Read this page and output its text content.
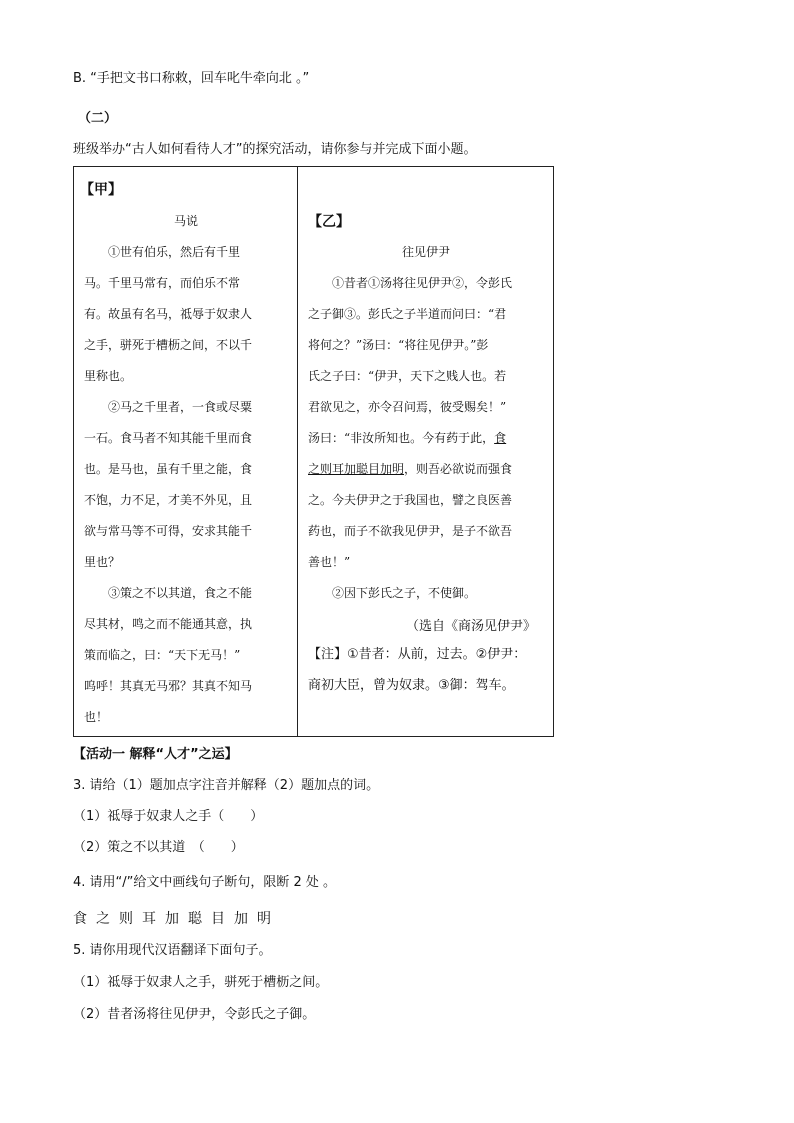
B. “手把文书口称敕，回车叱牛牵向北 。”
（二）
班级举办“古人如何看待人才”的探究活动，请你参与并完成下面小题。
【甲】
马说
①世有伯乐，然后有千里
马。千里马常有，而伯乐不常
有。故虽有名马，祗辱于奴隶人
之手，骈死于槽枥之间，不以千
里称也。
②马之千里者，一食或尽粟
一石。食马者不知其能千里而食
也。是马也，虽有千里之能，食
不饱，力不足，才美不外见，且
欲与常马等不可得，安求其能千
里也？
③策之不以其道，食之不能
尽其材，鸣之而不能通其意，执
策而临之，曰：“天下无马！”
呜呼！其真无马邪？其真不知马
也！
【乙】
往见伊尹
①昔者①汤将往见伊尹②，令彭氏
之子御③。彭氏之子半道而问曰：“君
将何之？”汤曰：“将往见伊尹。”彭
氏之子曰：“伊尹，天下之贱人也。若
君欲见之，亦令召问焉，彼受赐矣！”
汤曰：“非汝所知也。今有药于此，食
之则耳加聪目加明，则吾必欲说而强食
之。今夫伊尹之于我国也，譬之良医善
药也，而子不欲我见伊尹，是子不欲吾
善也！”
②因下彭氏之子，不使御。
（选自《商汤见伊尹》
【注】①昔者：从前，过去。②伊尹：
商初大臣，曾为奴隶。③御：驾车。
【活动一 解释“人才”之运】
3. 请给（1）题加点字注音并解释（2）题加点的词。
（1）祗辱于奴隶人之手（　　）
（2）策之不以其道　（　　）
4. 请用“/”给文中画线句子断句，限断 2 处 。
食之则耳加聪目加明
5. 请你用现代汉语翻译下面句子。
（1）祗辱于奴隶人之手，骈死于槽枥之间。
（2）昔者汤将往见伊尹，令彭氏之子御。
